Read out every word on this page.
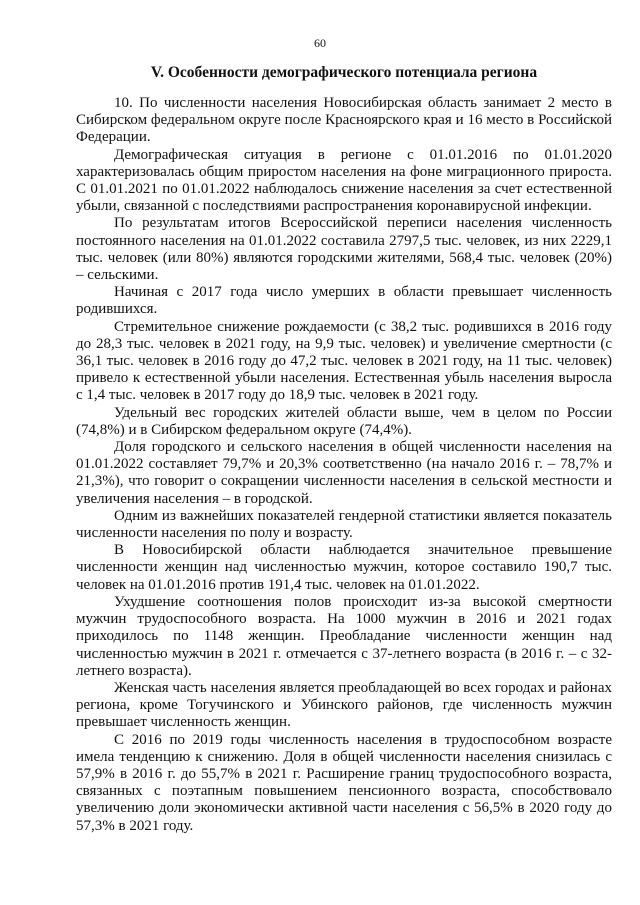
60
V. Особенности демографического потенциала региона

10. По численности населения Новосибирская область занимает 2 место в Сибирском федеральном округе после Красноярского края и 16 место в Российской Федерации.

Демографическая ситуация в регионе с 01.01.2016 по 01.01.2020 характеризовалась общим приростом населения на фоне миграционного прироста. С 01.01.2021 по 01.01.2022 наблюдалось снижение населения за счет естественной убыли, связанной с последствиями распространения коронавирусной инфекции.

По результатам итогов Всероссийской переписи населения численность постоянного населения на 01.01.2022 составила 2797,5 тыс. человек, из них 2229,1 тыс. человек (или 80%) являются городскими жителями, 568,4 тыс. человек (20%) – сельскими.

Начиная с 2017 года число умерших в области превышает численность родившихся.

Стремительное снижение рождаемости (с 38,2 тыс. родившихся в 2016 году до 28,3 тыс. человек в 2021 году, на 9,9 тыс. человек) и увеличение смертности (с 36,1 тыс. человек в 2016 году до 47,2 тыс. человек в 2021 году, на 11 тыс. человек) привело к естественной убыли населения. Естественная убыль населения выросла с 1,4 тыс. человек в 2017 году до 18,9 тыс. человек в 2021 году.

Удельный вес городских жителей области выше, чем в целом по России (74,8%) и в Сибирском федеральном округе (74,4%).

Доля городского и сельского населения в общей численности населения на 01.01.2022 составляет 79,7% и 20,3% соответственно (на начало 2016 г. – 78,7% и 21,3%), что говорит о сокращении численности населения в сельской местности и увеличения населения – в городской.

Одним из важнейших показателей гендерной статистики является показатель численности населения по полу и возрасту.

В Новосибирской области наблюдается значительное превышение численности женщин над численностью мужчин, которое составило 190,7 тыс. человек на 01.01.2016 против 191,4 тыс. человек на 01.01.2022.

Ухудшение соотношения полов происходит из-за высокой смертности мужчин трудоспособного возраста. На 1000 мужчин в 2016 и 2021 годах приходилось по 1148 женщин. Преобладание численности женщин над численностью мужчин в 2021 г. отмечается с 37-летнего возраста (в 2016 г. – с 32-летнего возраста).

Женская часть населения является преобладающей во всех городах и районах региона, кроме Тогучинского и Убинского районов, где численность мужчин превышает численность женщин.

С 2016 по 2019 годы численность населения в трудоспособном возрасте имела тенденцию к снижению. Доля в общей численности населения снизилась с 57,9% в 2016 г. до 55,7% в 2021 г. Расширение границ трудоспособного возраста, связанных с поэтапным повышением пенсионного возраста, способствовало увеличению доли экономически активной части населения с 56,5% в 2020 году до 57,3% в 2021 году.
